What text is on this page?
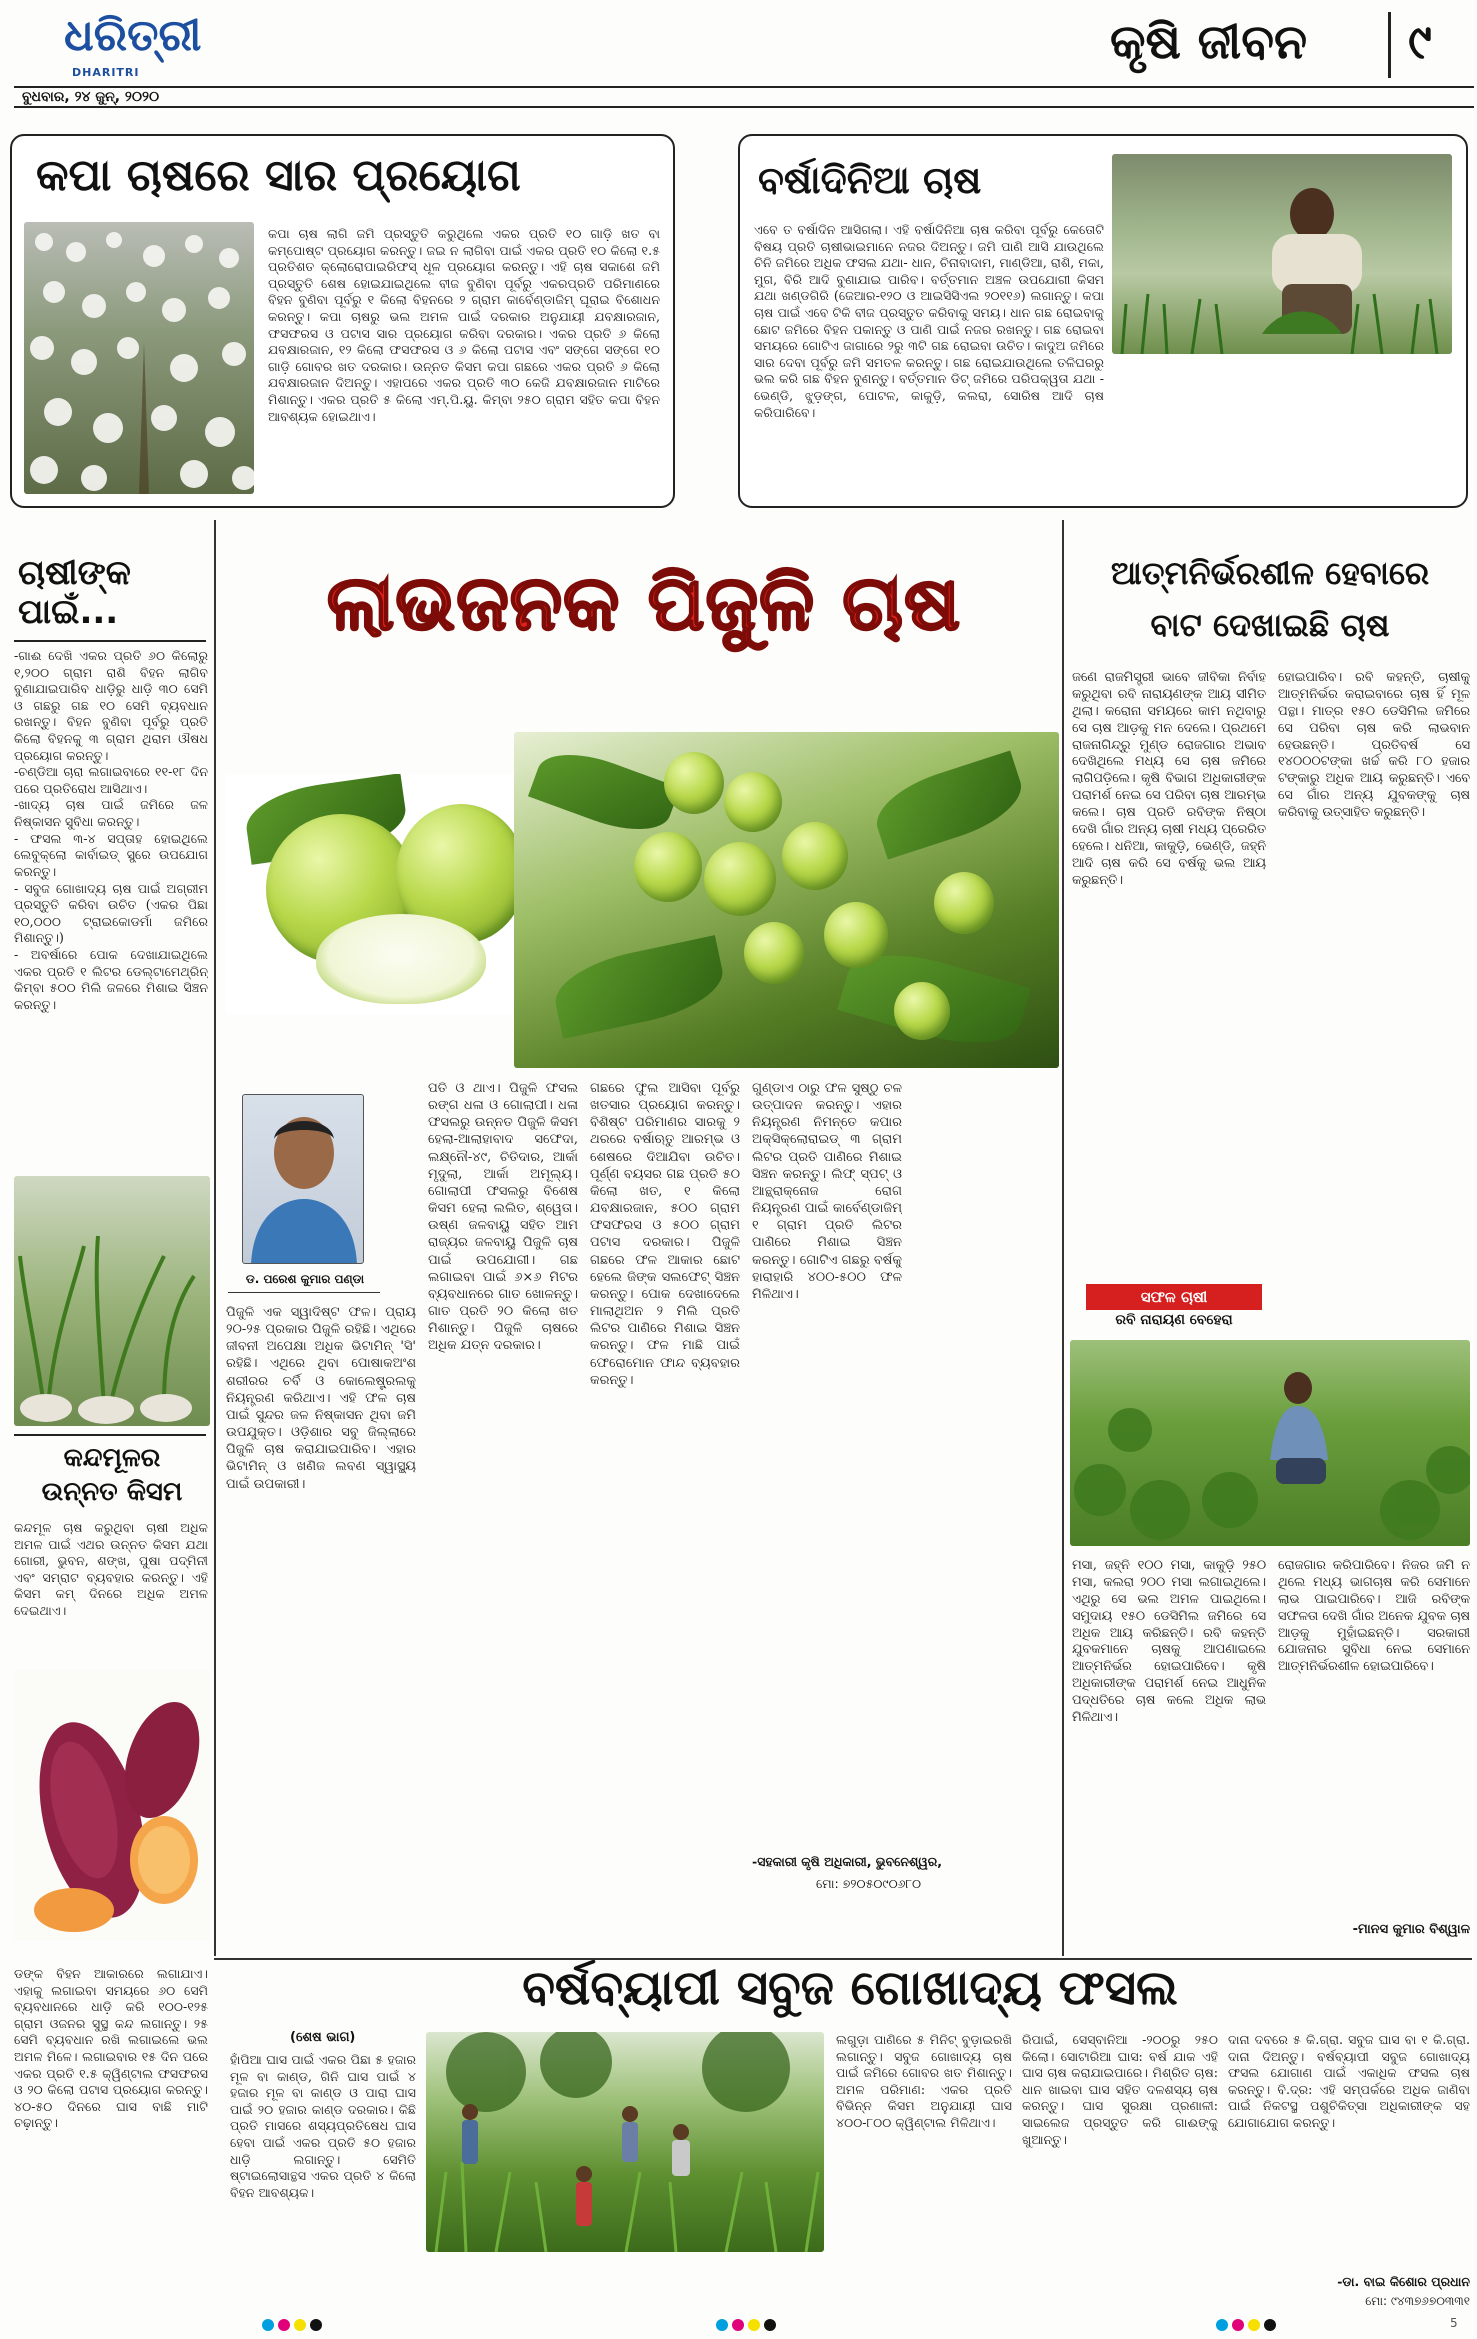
ଧରିତ୍ରୀ
DHARITRI
ବୁଧବାର, ୨୪ ଜୁନ୍, ୨୦୨୦
କୃଷି ଜୀବନ ୯
କପା ଚାଷରେ ସାର ପ୍ରୟୋଗ
କପା ଚାଷ ଲାଗି ଜମି ପ୍ରସ୍ତୁତି କରୁଥିଲେ ଏକର ପ୍ରତି ୧୦ ଗାଡ଼ି ଖତ ବା କମ୍ପୋଷ୍ଟ ପ୍ରୟୋଗ କରନ୍ତୁ। ଜଇ ନ ଲାଗିବା ପାଇଁ ଏକର ପ୍ରତି ୧୦ କିଲୋ ୧.୫ ପ୍ରତିଶତ କ୍ଲୋରୋପାଇରିଫସ୍ ଧୂଳ ପ୍ରୟୋଗ କରନ୍ତୁ। ଏହି ଚାଷ ସକାଶେ ଜମି ପ୍ରସ୍ତୁତି ଶେଷ ହୋଇଯାଇଥିଲେ ବୀଜ ବୁଣିବା ପୂର୍ବରୁ ଏକରପ୍ରତି ପରିମାଣରେ ବିହନ ବୁଣିବା ପୂର୍ବରୁ ୧ କିଲୋ ବିହନରେ ୨ ଗ୍ରାମ କାର୍ବେଣ୍ଡାଜିମ୍ ଘୂରାଇ ବିଶୋଧନ କରନ୍ତୁ। କପା ଚାଷରୁ ଭଲ ଅମଳ ପାଇଁ ଦରକାର ଅନୁଯାୟୀ ଯବକ୍ଷାରଜାନ, ଫସଫରସ ଓ ପଟାସ ସାର ପ୍ରୟୋଗ କରିବା ଦରକାର। ଏକର ପ୍ରତି ୬ କିଲୋ ଯବକ୍ଷାରଜାନ, ୧୨ କିଲୋ ଫସଫରସ ଓ ୬ କିଲୋ ପଟାସ ଏବଂ ସଙ୍ଗେ ସଙ୍ଗେ ୧୦ ଗାଡ଼ି ଗୋବର ଖତ ଦରକାର। ଉନ୍ନତ କିସମ କପା ଗଛରେ ଏକର ପ୍ରତି ୬ କିଲୋ ଯବକ୍ଷାରଜାନ ଦିଅନ୍ତୁ। ଏହାପରେ ଏକର ପ୍ରତି ୩୦ କେଜି ଯବକ୍ଷାରଜାନ ମାଟିରେ ମିଶାନ୍ତୁ। ଏକର ପ୍ରତି ୫ କିଲୋ ଏମ୍.ପି.ୟୁ. କିମ୍ବା ୨୫୦ ଗ୍ରାମ ସହିତ କପା ବିହନ ଆବଶ୍ୟକ ହୋଇଥାଏ।
ବର୍ଷାଦିନିଆ ଚାଷ
ଏବେ ତ ବର୍ଷାଦିନ ଆସିଗଲା। ଏହି ବର୍ଷାଦିନିଆ ଚାଷ କରିବା ପୂର୍ବରୁ କେତୋଟି ବିଷୟ ପ୍ରତି ଚାଷୀଭାଇମାନେ ନଜର ଦିଅନ୍ତୁ। ଜମି ପାଣି ଆସି ଯାଉଥିଲେ ଚିନି ଜମିରେ ଅଧିକ ଫସଲ ଯଥା- ଧାନ, ଚିନାବାଦାମ, ମାଣ୍ଡିଆ, ରାଶି, ମକା, ମୁଗ, ବିରି ଆଦି ବୁଣାଯାଇ ପାରିବ। ବର୍ତ୍ତମାନ ଅଞ୍ଚଳ ଉପଯୋଗୀ କିସମ ଯଥା ଖଣ୍ଡଗିରି (ଜେଆର-୧୨୦ ଓ ଆଇସିସିଏଲ ୨୦୧୧୬) ଲଗାନ୍ତୁ। କପା ଚାଷ ପାଇଁ ଏବେ ଟିକି ବୀଜ ପ୍ରସ୍ତୁତ କରିବାକୁ ସମୟ। ଧାନ ଗଛ ରୋଇବାକୁ ଛୋଟ ଜମିରେ ବିହନ ପକାନ୍ତୁ ଓ ପାଣି ପାଇଁ ନଜର ରଖନ୍ତୁ। ଗଛ ରୋଇବା ସମୟରେ ଗୋଟିଏ ଜାଗାରେ ୨ରୁ ୩ଟି ଗଛ ରୋଇବା ଉଚିତ। କାଦୁଅ ଜମିରେ ସାର ଦେବା ପୂର୍ବରୁ ଜମି ସମତଳ କରନ୍ତୁ। ଗଛ ରୋଇଯାଉଥିଲେ ତଳିଘରରୁ ଭଲ କରି ଗଛ ବିହନ ବୁଣନ୍ତୁ। ବର୍ତ୍ତମାନ ଡିଟ୍ ଜମିରେ ପରିପକ୍ୱତା ଯଥା - ଭେଣ୍ଡି, ଝୁଡ଼ଙ୍ଗ, ପୋଟଳ, କାକୁଡ଼ି, କଲରା, ସୋରିଷ ଆଦି ଚାଷ କରିପାରିବେ।
ଚାଷୀଙ୍କ ପାଇଁ...
-ଗାଈ ଦେଖି ଏକର ପ୍ରତି ୬୦ କିଲୋରୁ ୧,୨୦୦ ଗ୍ରାମ ରାଶି ବିହନ ଲାଗିବ ବୁଣାଯାଇପାରିବ ଧାଡ଼ିରୁ ଧାଡ଼ି ୩୦ ସେମି ଓ ଗଛରୁ ଗଛ ୧୦ ସେମି ବ୍ୟବଧାନ ରଖନ୍ତୁ। ବିହନ ବୁଣିବା ପୂର୍ବରୁ ପ୍ରତି କିଲୋ ବିହନକୁ ୩ ଗ୍ରାମ ଥିରାମ ଔଷଧ ପ୍ରୟୋଗ କରନ୍ତୁ।
-ଚଣ୍ଡିଆ ଚାରା ଲଗାଇବାରେ ୧୧-୧୮ ଦିନ ପରେ ପ୍ରତିରୋଧ ଆସିଥାଏ।
-ଖାଦ୍ୟ ଚାଷ ପାଇଁ ଜମିରେ ଜଳ ନିଷ୍କାସନ ସୁବିଧା କରନ୍ତୁ।
- ଫସଲ ୩-୪ ସପ୍ତାହ ହୋଇଥିଲେ ଲେବୁକ୍ଲୋ କାର୍ବାଇଡ୍ ସ୍ପ୍ରେ ଉପଯୋଗ କରନ୍ତୁ।
- ସବୁଜ ଗୋଖାଦ୍ୟ ଚାଷ ପାଇଁ ଅଗ୍ରୀମ ପ୍ରସ୍ତୁତି କରିବା ଉଚିତ (ଏକର ପିଛା ୧୦,୦୦୦ ଟ୍ରାଇକୋଡର୍ମା ଜମିରେ ମିଶାନ୍ତୁ।)
- ଅବର୍ଷାରେ ପୋକ ଦେଖାଯାଇଥିଲେ ଏକର ପ୍ରତି ୧ ଲିଟର ଡେଲ୍ଟାମେଥ୍ରିନ୍ କିମ୍ବା ୫୦୦ ମିଲି ଜଳରେ ମିଶାଇ ସିଞ୍ଚନ କରନ୍ତୁ।
କନ୍ଦମୂଳର ଉନ୍ନତ କିସମ
କନ୍ଦମୂଳ ଚାଷ କରୁଥିବା ଚାଷୀ ଅଧିକ ଅମଳ ପାଇଁ ଏଥର ଉନ୍ନତ କିସମ ଯଥା ଗୋରୀ, ଭୁବନ, ଶଙ୍ଖ, ପୁଷା ପଦ୍ମିନୀ ଏବଂ ସମ୍ରାଟ ବ୍ୟବହାର କରନ୍ତୁ। ଏହି କିସମ କମ୍ ଦିନରେ ଅଧିକ ଅମଳ ଦେଇଥାଏ।
ଲାଭଜନକ ପିଜୁଳି ଚାଷ
ଡ. ପରେଶ କୁମାର ପଣ୍ଡା
ପିଜୁଳି ଏକ ସ୍ୱାଦିଷ୍ଟ ଫଳ। ପ୍ରାୟ ୨୦-୨୫ ପ୍ରକାର ପିଜୁଳି ରହିଛି। ଏଥିରେ ଜୀବନୀ ଅପେକ୍ଷା ଅଧିକ ଭିଟାମିନ୍ 'ସି' ରହିଛି। ଏଥିରେ ଥିବା ପୋଷାକଅଂଶ ଶରୀରର ଚର୍ବି ଓ କୋଲେଷ୍ଟ୍ରଲକୁ ନିୟନ୍ତ୍ରଣ କରିଥାଏ। ଏହି ଫଳ ଚାଷ ପାଇଁ ସୁନ୍ଦର ଜଳ ନିଷ୍କାସନ ଥିବା ଜମି ଉପଯୁକ୍ତ। ଓଡ଼ିଶାର ସବୁ ଜିଲ୍ଲାରେ ପିଜୁଳି ଚାଷ କରାଯାଇପାରିବ। ଏହାର ଭିଟାମିନ୍ ଓ ଖଣିଜ ଲବଣ ସ୍ୱାସ୍ଥ୍ୟ ପାଇଁ ଉପକାରୀ।
ପତି ଓ ଥାଏ। ପିଜୁଳି ଫସଲ ରଙ୍ଗ ଧଳା ଓ ଗୋଲାପୀ। ଧଳା ଫସଲରୁ ଉନ୍ନତ ପିଜୁଳି କିସମ ହେଲା-ଆଲାହାବାଦ ସଫେଦା, ଲକ୍ଷ୍ନୌ-୪୯, ଚିତିଦାର, ଆର୍କା ମୃଦୁଲା, ଆର୍କା ଅମୂଲ୍ୟ। ଗୋଲାପୀ ଫସଲରୁ ବିଶେଷ କିସମ ହେଲା ଲଲିତ, ଶ୍ୱେତା। ଉଷ୍ଣ ଜଳବାୟୁ ସହିତ ଆମ ରାଜ୍ୟର ଜଳବାୟୁ ପିଜୁଳି ଚାଷ ପାଇଁ ଉପଯୋଗୀ। ଗଛ ଲଗାଇବା ପାଇଁ ୬×୬ ମିଟର ବ୍ୟବଧାନରେ ଗାତ ଖୋଳନ୍ତୁ। ଗାତ ପ୍ରତି ୨୦ କିଲୋ ଖତ ମିଶାନ୍ତୁ। ପିଜୁଳି ଚାଷରେ ଅଧିକ ଯତ୍ନ ଦରକାର।
ଗଛରେ ଫୁଲ ଆସିବା ପୂର୍ବରୁ ଖତସାର ପ୍ରୟୋଗ କରନ୍ତୁ। ବିଶିଷ୍ଟ ପରିମାଣର ସାରକୁ ୨ ଥରରେ ବର୍ଷାଋତୁ ଆରମ୍ଭ ଓ ଶେଷରେ ଦିଆଯିବା ଉଚିତ। ପୂର୍ଣ୍ଣ ବୟସର ଗଛ ପ୍ରତି ୫୦ କିଲୋ ଖତ, ୧ କିଲୋ ଯବକ୍ଷାରଜାନ, ୫୦୦ ଗ୍ରାମ ଫସଫରସ ଓ ୫୦୦ ଗ୍ରାମ ପଟାସ ଦରକାର। ପିଜୁଳି ଗଛରେ ଫଳ ଆକାର ଛୋଟ ହେଲେ ଜିଙ୍କ ସଲଫେଟ୍ ସିଞ୍ଚନ କରନ୍ତୁ। ପୋକ ଦେଖାଦେଲେ ମାଲାଥିଅନ ୨ ମିଲି ପ୍ରତି ଲିଟର ପାଣିରେ ମିଶାଇ ସିଞ୍ଚନ କରନ୍ତୁ। ଫଳ ମାଛି ପାଇଁ ଫେରୋମୋନ ଫାନ୍ଦ ବ୍ୟବହାର କରନ୍ତୁ।
ଗୁଣ୍ଡାଏ ଠାରୁ ଫଳ ସୁଷ୍ଠୁ ଚଳ ଉତ୍ପାଦନ କରନ୍ତୁ। ଏହାର ନିୟନ୍ତ୍ରଣ ନିମନ୍ତେ କପାର ଅକ୍ସିକ୍ଲୋରାଇଡ୍ ୩ ଗ୍ରାମ ଲିଟର ପ୍ରତି ପାଣିରେ ମିଶାଇ ସିଞ୍ଚନ କରନ୍ତୁ। ଲିଫ୍ ସ୍ପଟ୍ ଓ ଆନ୍ଥ୍ରାକ୍ନୋଜ ରୋଗ ନିୟନ୍ତ୍ରଣ ପାଇଁ କାର୍ବେଣ୍ଡାଜିମ୍ ୧ ଗ୍ରାମ ପ୍ରତି ଲିଟର ପାଣିରେ ମିଶାଇ ସିଞ୍ଚନ କରନ୍ତୁ। ଗୋଟିଏ ଗଛରୁ ବର୍ଷକୁ ହାରାହାରି ୪୦୦-୫୦୦ ଫଳ ମିଳିଥାଏ।
-ସହକାରୀ କୃଷି ଅଧିକାରୀ, ଭୁବନେଶ୍ୱର,
ମୋ: ୭୨୦୫୦୯୦୬୮୦
ଆତ୍ମନିର୍ଭରଶୀଳ ହେବାରେ
ବାଟ ଦେଖାଇଛି ଚାଷ
ଜଣେ ରାଜମିସ୍ତ୍ରୀ ଭାବେ ଜୀବିକା ନିର୍ବାହ କରୁଥିବା ରବି ନାରାୟଣଙ୍କ ଆୟ ସୀମିତ ଥିଲା। କରୋନା ସମୟରେ କାମ ନଥିବାରୁ ସେ ଚାଷ ଆଡ଼କୁ ମନ ଦେଲେ। ପ୍ରଥମେ ରାଜନାଗିନ୍ଦ୍ରୁ ମୁଣ୍ଡ ରୋଜଗାର ଅଭାବ ଦେଖିଥିଲେ ମଧ୍ୟ ସେ ଚାଷ ଜମିରେ ଲାଗିପଡ଼ିଲେ। କୃଷି ବିଭାଗ ଅଧିକାରୀଙ୍କ ପରାମର୍ଶ ନେଇ ସେ ପରିବା ଚାଷ ଆରମ୍ଭ କଲେ। ଚାଷ ପ୍ରତି ରବିଙ୍କ ନିଷ୍ଠା ଦେଖି ଗାଁର ଅନ୍ୟ ଚାଷୀ ମଧ୍ୟ ପ୍ରେରିତ ହେଲେ। ଧନିଆ, କାକୁଡ଼ି, ଭେଣ୍ଡି, ଜହ୍ନି ଆଦି ଚାଷ କରି ସେ ବର୍ଷକୁ ଭଲ ଆୟ କରୁଛନ୍ତି।
ହୋଇପାରିବ। ରବି କହନ୍ତି, ଚାଷୀକୁ ଆତ୍ମନିର୍ଭର କରାଇବାରେ ଚାଷ ହିଁ ମୂଳ ପନ୍ଥା। ମାତ୍ର ୧୫୦ ଡେସିମିଲ ଜମିରେ ସେ ପରିବା ଚାଷ କରି ଲାଭବାନ ହେଉଛନ୍ତି। ପ୍ରତିବର୍ଷ ସେ ୧୪୦୦୦ଟଙ୍କା ଖର୍ଚ୍ଚ କରି ୮୦ ହଜାର ଟଙ୍କାରୁ ଅଧିକ ଆୟ କରୁଛନ୍ତି। ଏବେ ସେ ଗାଁର ଅନ୍ୟ ଯୁବକଙ୍କୁ ଚାଷ କରିବାକୁ ଉତ୍ସାହିତ କରୁଛନ୍ତି।
ସଫଳ ଚାଷୀ
ରବି ନାରାୟଣ ବେହେରା
ମସା, ଜହ୍ନି ୧୦୦ ମସା, କାକୁଡ଼ି ୨୫୦ ମସା, କଲରା ୨୦୦ ମସା ଲଗାଇଥିଲେ। ଏଥିରୁ ସେ ଭଲ ଅମଳ ପାଇଥିଲେ। ସମୁଦାୟ ୧୫୦ ଡେସିମିଲ ଜମିରେ ସେ ଅଧିକ ଆୟ କରିଛନ୍ତି। ରବି କହନ୍ତି ଯୁବକମାନେ ଚାଷକୁ ଆପଣାଇଲେ ଆତ୍ମନିର୍ଭର ହୋଇପାରିବେ। କୃଷି ଅଧିକାରୀଙ୍କ ପରାମର୍ଶ ନେଇ ଆଧୁନିକ ପଦ୍ଧତିରେ ଚାଷ କଲେ ଅଧିକ ଲାଭ ମିଳିଥାଏ।
ରୋଜଗାର କରିପାରିବେ। ନିଜର ଜମି ନ ଥିଲେ ମଧ୍ୟ ଭାଗଚାଷ କରି ସେମାନେ ଲାଭ ପାଇପାରିବେ। ଆଜି ରବିଙ୍କ ସଫଳତା ଦେଖି ଗାଁର ଅନେକ ଯୁବକ ଚାଷ ଆଡ଼କୁ ମୁହାଁଇଛନ୍ତି। ସରକାରୀ ଯୋଜନାର ସୁବିଧା ନେଇ ସେମାନେ ଆତ୍ମନିର୍ଭରଶୀଳ ହୋଇପାରିବେ।
-ମାନସ କୁମାର ବିଶ୍ୱାଳ
ଡଙ୍କ ବିହନ ଆକାରରେ ଲଗାଯାଏ। ଏହାକୁ ଲଗାଇବା ସମୟରେ ୬୦ ସେମି ବ୍ୟବଧାନରେ ଧାଡ଼ି କରି ୧୦୦-୧୨୫ ଗ୍ରାମ ଓଜନର ସୁସ୍ଥ କନ୍ଦ ଲଗାନ୍ତୁ। ୨୫ ସେମି ବ୍ୟବଧାନ ରଖି ଲଗାଇଲେ ଭଲ ଅମଳ ମିଳେ। ଲଗାଇବାର ୧୫ ଦିନ ପରେ ଏକର ପ୍ରତି ୧.୫ କ୍ୱିଣ୍ଟାଲ ଫସଫରସ ଓ ୨୦ କିଲୋ ପଟାସ ପ୍ରୟୋଗ କରନ୍ତୁ। ୪୦-୫୦ ଦିନରେ ଘାସ ବାଛି ମାଟି ଚଢ଼ାନ୍ତୁ।
ବର୍ଷବ୍ୟାପୀ ସବୁଜ ଗୋଖାଦ୍ୟ ଫସଲ
(ଶେଷ ଭାଗ)
ହାଁପିଆ ଘାସ ପାଇଁ ଏକର ପିଛା ୫ ହଜାର ମୂଳ ବା କାଣ୍ଡ, ଗିନି ଘାସ ପାଇଁ ୪ ହଜାର ମୂଳ ବା କାଣ୍ଡ ଓ ପାରା ଘାସ ପାଇଁ ୨୦ ହଜାର କାଣ୍ଡ ଦରକାର। କିଛି ପ୍ରତି ମାସରେ ଶସ୍ୟପ୍ରତିଷେଧ ଘାସ ହେବା ପାଇଁ ଏକର ପ୍ରତି ୫୦ ହଜାର ଧାଡ଼ି ଲଗାନ୍ତୁ। ସେମିତି ଷ୍ଟାଇଲୋସାନ୍ଥସ ଏକର ପ୍ରତି ୪ କିଲୋ ବିହନ ଆବଶ୍ୟକ।
ଲଗୁଡ଼ା ପାଣିରେ ୫ ମିନିଟ୍ ବୁଡ଼ାଇରଖି ଲଗାନ୍ତୁ। ସବୁଜ ଗୋଖାଦ୍ୟ ଚାଷ ପାଇଁ ଜମିରେ ଗୋବର ଖତ ମିଶାନ୍ତୁ। ଅମଳ ପରିମାଣ: ଏକର ପ୍ରତି ବିଭିନ୍ନ କିସମ ଅନୁଯାୟୀ ଘାସ ୪୦୦-୮୦୦ କ୍ୱିଣ୍ଟାଲ ମିଳିଥାଏ।
ରିପାଇଁ, ସେସ୍ବାନିଆ -୨୦୦ରୁ ୨୫୦ କିଲୋ। ସୋଟାରିଆ ଘାସ: ବର୍ଷ ଯାକ ଏହି ଘାସ ଚାଷ କରାଯାଇପାରେ। ମିଶ୍ରିତ ଚାଷ: ଧାନ ଖାଇବା ଘାସ ସହିତ ଦଳଶସ୍ୟ ଚାଷ କରନ୍ତୁ। ଘାସ ସୁରକ୍ଷା ପ୍ରଣାଳୀ: ସାଇଲେଜ ପ୍ରସ୍ତୁତ କରି ଗାଈଙ୍କୁ ଖୁଆନ୍ତୁ।
ଦାନା ଦବରେ ୫ କି.ଗ୍ରା. ସବୁଜ ଘାସ ବା ୧ କି.ଗ୍ରା. ଦାନା ଦିଅନ୍ତୁ। ବର୍ଷବ୍ୟାପୀ ସବୁଜ ଗୋଖାଦ୍ୟ ଫସଲ ଯୋଗାଣ ପାଇଁ ଏକାଧିକ ଫସଲ ଚାଷ କରନ୍ତୁ। ବି.ଦ୍ର: ଏହି ସମ୍ପର୍କରେ ଅଧିକ ଜାଣିବା ପାଇଁ ନିକଟସ୍ଥ ପଶୁଚିକିତ୍ସା ଅଧିକାରୀଙ୍କ ସହ ଯୋଗାଯୋଗ କରନ୍ତୁ।
-ଡା. ବାଇ କିଶୋର ପ୍ରଧାନ
ମୋ: ୯୪୩୭୬୭୦୩୩୧
5
